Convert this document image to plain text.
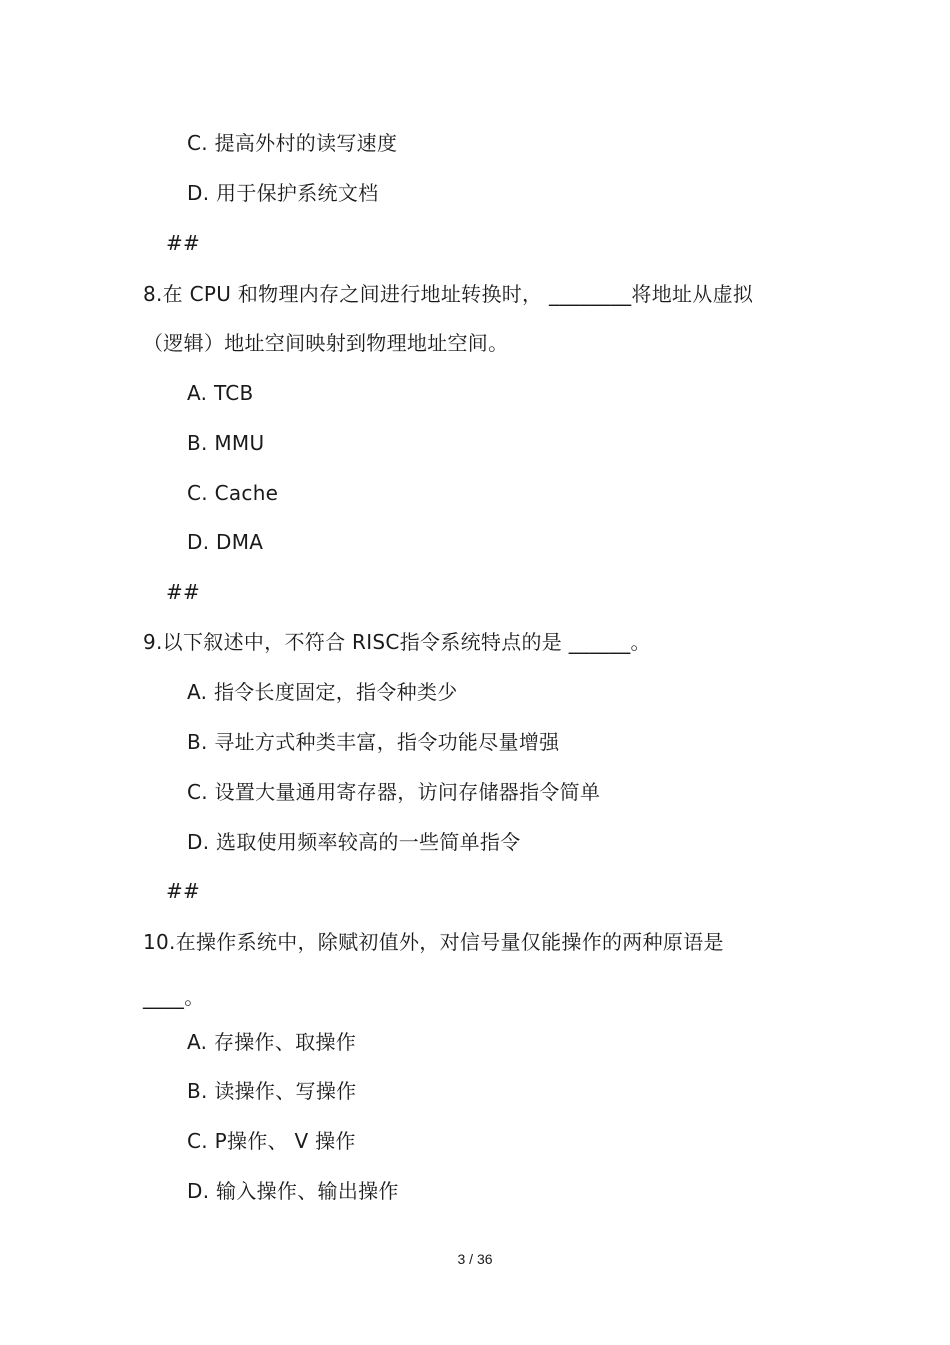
C. 提高外村的读写速度
D. 用于保护系统文档
##
8.在 CPU 和物理内存之间进行地址转换时， ________将地址从虚拟
（逻辑）地址空间映射到物理地址空间。
A. TCB
B. MMU
C. Cache
D. DMA
##
9.以下叙述中，不符合 RISC指令系统特点的是 ______。
A. 指令长度固定，指令种类少
B. 寻址方式种类丰富，指令功能尽量增强
C. 设置大量通用寄存器，访问存储器指令简单
D. 选取使用频率较高的一些简单指令
##
10.在操作系统中，除赋初值外，对信号量仅能操作的两种原语是
____。
A. 存操作、取操作
B. 读操作、写操作
C. P操作、 V 操作
D. 输入操作、输出操作
3 / 36
